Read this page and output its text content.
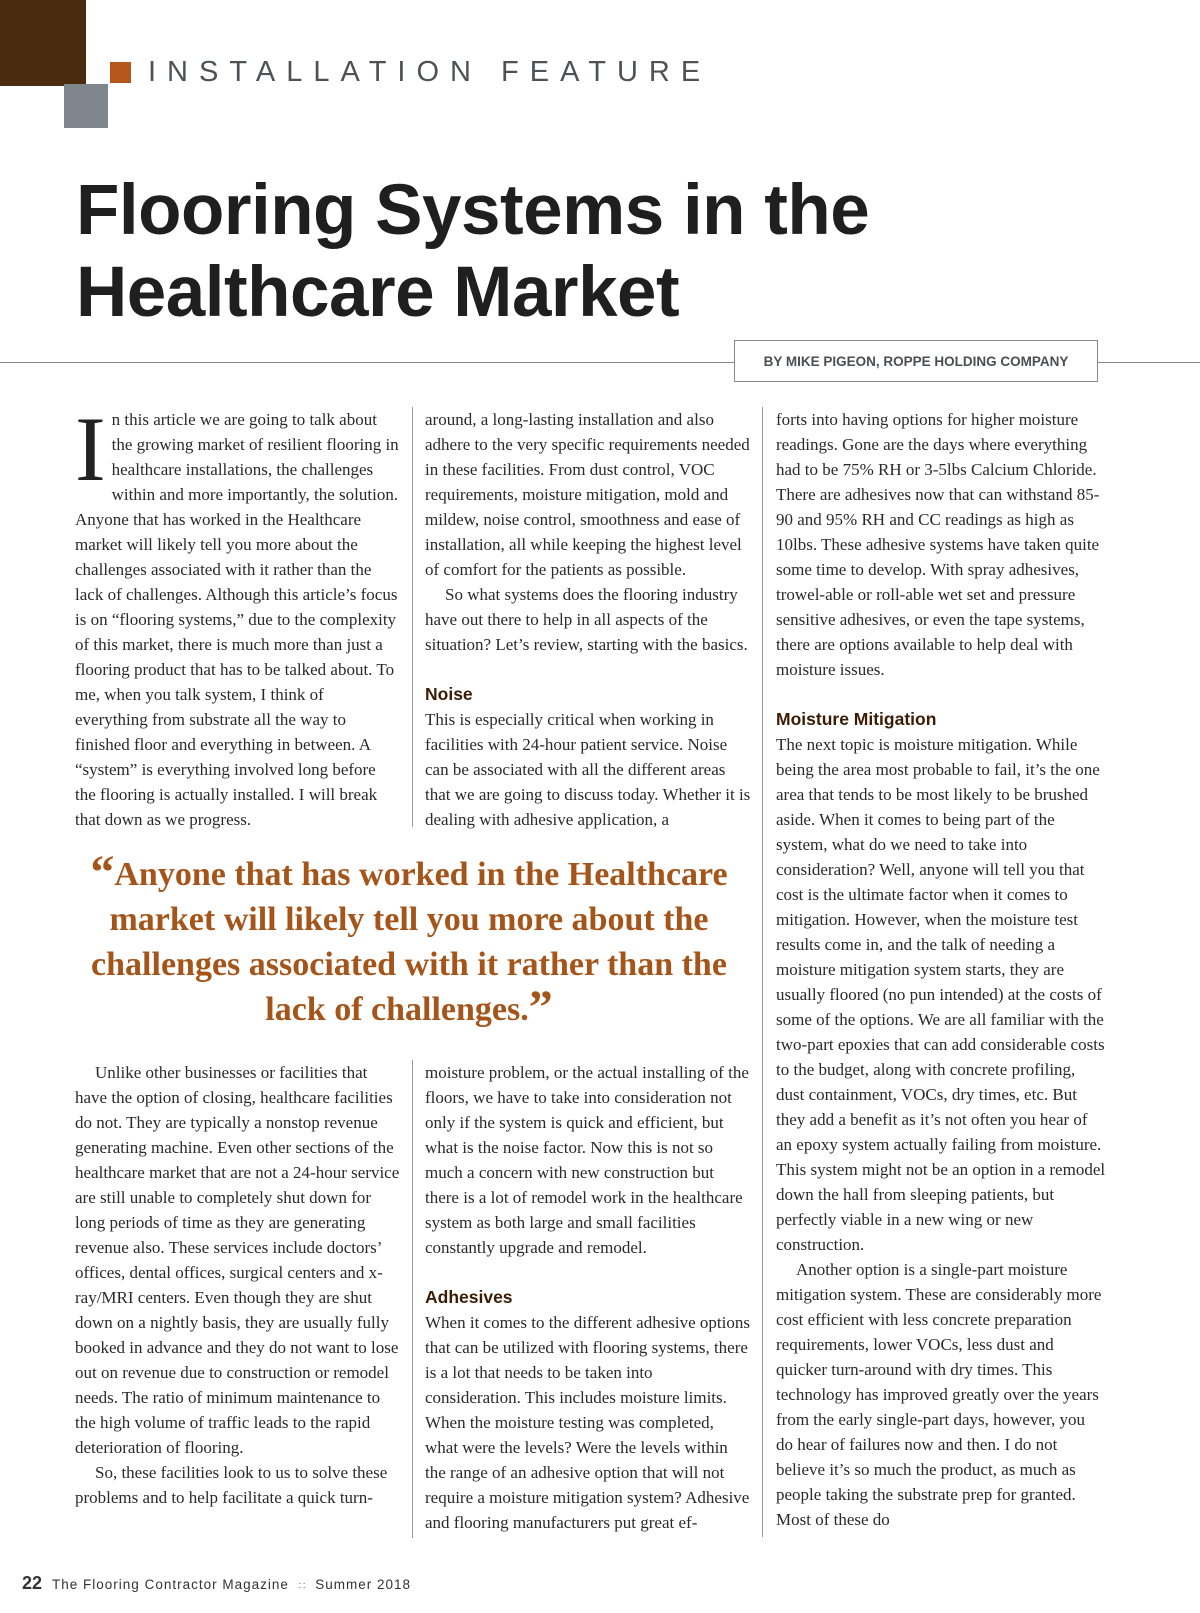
INSTALLATION FEATURE
Flooring Systems in the Healthcare Market
BY MIKE PIGEON, ROPPE HOLDING COMPANY

In this article we are going to talk about the growing market of resilient flooring in healthcare installations, the challenges within and more importantly, the solution. Anyone that has worked in the Healthcare market will likely tell you more about the challenges associated with it rather than the lack of challenges. Although this article’s focus is on “flooring systems,” due to the complexity of this market, there is much more than just a flooring product that has to be talked about. To me, when you talk system, I think of everything from substrate all the way to finished floor and everything in between. A “system” is everything involved long before the flooring is actually installed. I will break that down as we progress.

around, a long-lasting installation and also adhere to the very specific requirements needed in these facilities. From dust control, VOC requirements, moisture mitigation, mold and mildew, noise control, smoothness and ease of installation, all while keeping the highest level of comfort for the patients as possible.

So what systems does the flooring industry have out there to help in all aspects of the situation? Let’s review, starting with the basics.

Noise

This is especially critical when working in facilities with 24-hour patient service. Noise can be associated with all the different areas that we are going to discuss today. Whether it is dealing with adhesive application, a

forts into having options for higher moisture readings. Gone are the days where everything had to be 75% RH or 3-5lbs Calcium Chloride. There are adhesives now that can withstand 85-90 and 95% RH and CC readings as high as 10lbs. These adhesive systems have taken quite some time to develop. With spray adhesives, trowel-able or roll-able wet set and pressure sensitive adhesives, or even the tape systems, there are options available to help deal with moisture issues.

Moisture Mitigation

The next topic is moisture mitigation. While being the area most probable to fail, it’s the one area that tends to be most likely to be brushed aside. When it comes to being part of the system, what do we need to take into consideration? Well, anyone will tell you that cost is the ultimate factor when it comes to mitigation. However, when the moisture test results come in, and the talk of needing a moisture mitigation system starts, they are usually floored (no pun intended) at the costs of some of the options. We are all familiar with the two-part epoxies that can add considerable costs to the budget, along with concrete profiling, dust containment, VOCs, dry times, etc. But they add a benefit as it’s not often you hear of an epoxy system actually failing from moisture. This system might not be an option in a remodel down the hall from sleeping patients, but perfectly viable in a new wing or new construction.

Another option is a single-part moisture mitigation system. These are considerably more cost efficient with less concrete preparation requirements, lower VOCs, less dust and quicker turn-around with dry times. This technology has improved greatly over the years from the early single-part days, however, you do hear of failures now and then. I do not believe it’s so much the product, as much as people taking the substrate prep for granted. Most of these do

“Anyone that has worked in the Healthcare market will likely tell you more about the challenges associated with it rather than the lack of challenges.”

Unlike other businesses or facilities that have the option of closing, healthcare facilities do not. They are typically a nonstop revenue generating machine. Even other sections of the healthcare market that are not a 24-hour service are still unable to completely shut down for long periods of time as they are generating revenue also. These services include doctors’ offices, dental offices, surgical centers and x-ray/MRI centers. Even though they are shut down on a nightly basis, they are usually fully booked in advance and they do not want to lose out on revenue due to construction or remodel needs. The ratio of minimum maintenance to the high volume of traffic leads to the rapid deterioration of flooring.

So, these facilities look to us to solve these problems and to help facilitate a quick turn-

moisture problem, or the actual installing of the floors, we have to take into consideration not only if the system is quick and efficient, but what is the noise factor. Now this is not so much a concern with new construction but there is a lot of remodel work in the healthcare system as both large and small facilities constantly upgrade and remodel.

Adhesives

When it comes to the different adhesive options that can be utilized with flooring systems, there is a lot that needs to be taken into consideration. This includes moisture limits. When the moisture testing was completed, what were the levels? Were the levels within the range of an adhesive option that will not require a moisture mitigation system? Adhesive and flooring manufacturers put great ef-

22 The Flooring Contractor Magazine ∷ Summer 2018
